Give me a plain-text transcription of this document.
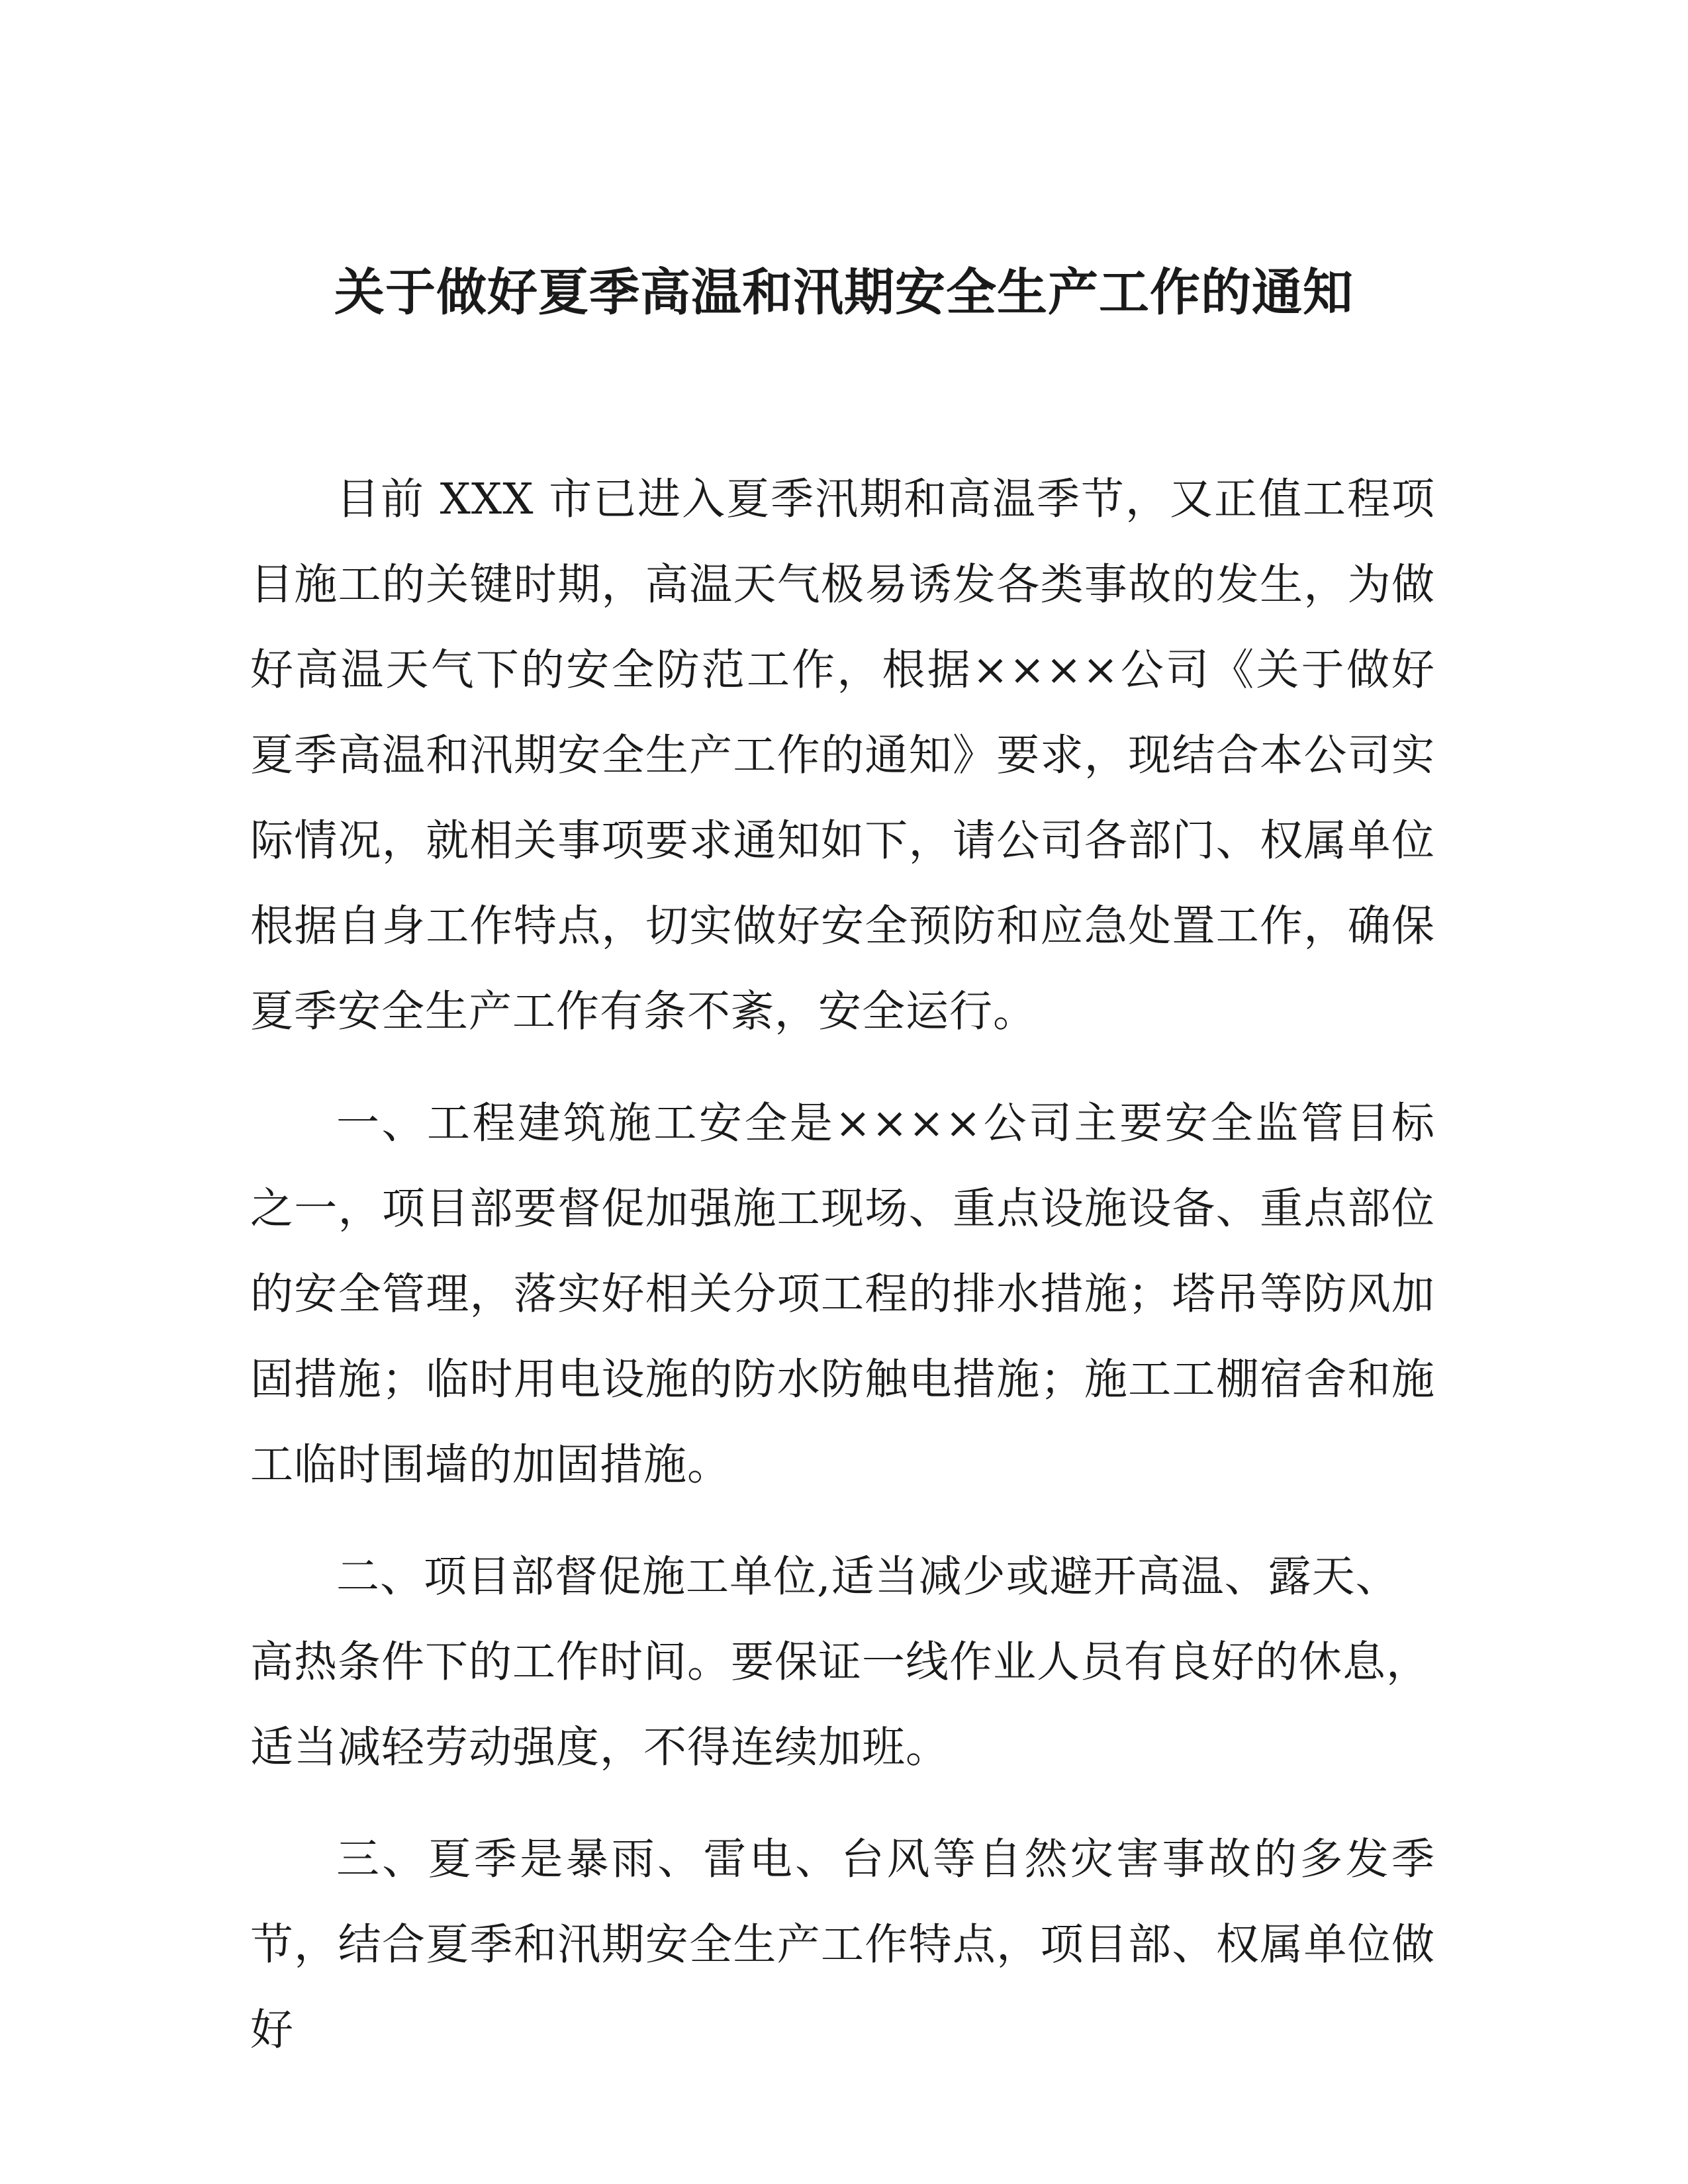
关于做好夏季高温和汛期安全生产工作的通知

目前 XXX 市已进入夏季汛期和高温季节，又正值工程项目施工的关键时期，高温天气极易诱发各类事故的发生，为做好高温天气下的安全防范工作，根据××××公司《关于做好夏季高温和汛期安全生产工作的通知》要求，现结合本公司实际情况，就相关事项要求通知如下，请公司各部门、权属单位根据自身工作特点，切实做好安全预防和应急处置工作，确保夏季安全生产工作有条不紊，安全运行。

一、工程建筑施工安全是××××公司主要安全监管目标之一，项目部要督促加强施工现场、重点设施设备、重点部位的安全管理，落实好相关分项工程的排水措施；塔吊等防风加固措施；临时用电设施的防水防触电措施；施工工棚宿舍和施工临时围墙的加固措施。

二、项目部督促施工单位,适当减少或避开高温、露天、高热条件下的工作时间。要保证一线作业人员有良好的休息，适当减轻劳动强度，不得连续加班。

三、夏季是暴雨、雷电、台风等自然灾害事故的多发季节，结合夏季和汛期安全生产工作特点，项目部、权属单位做好
